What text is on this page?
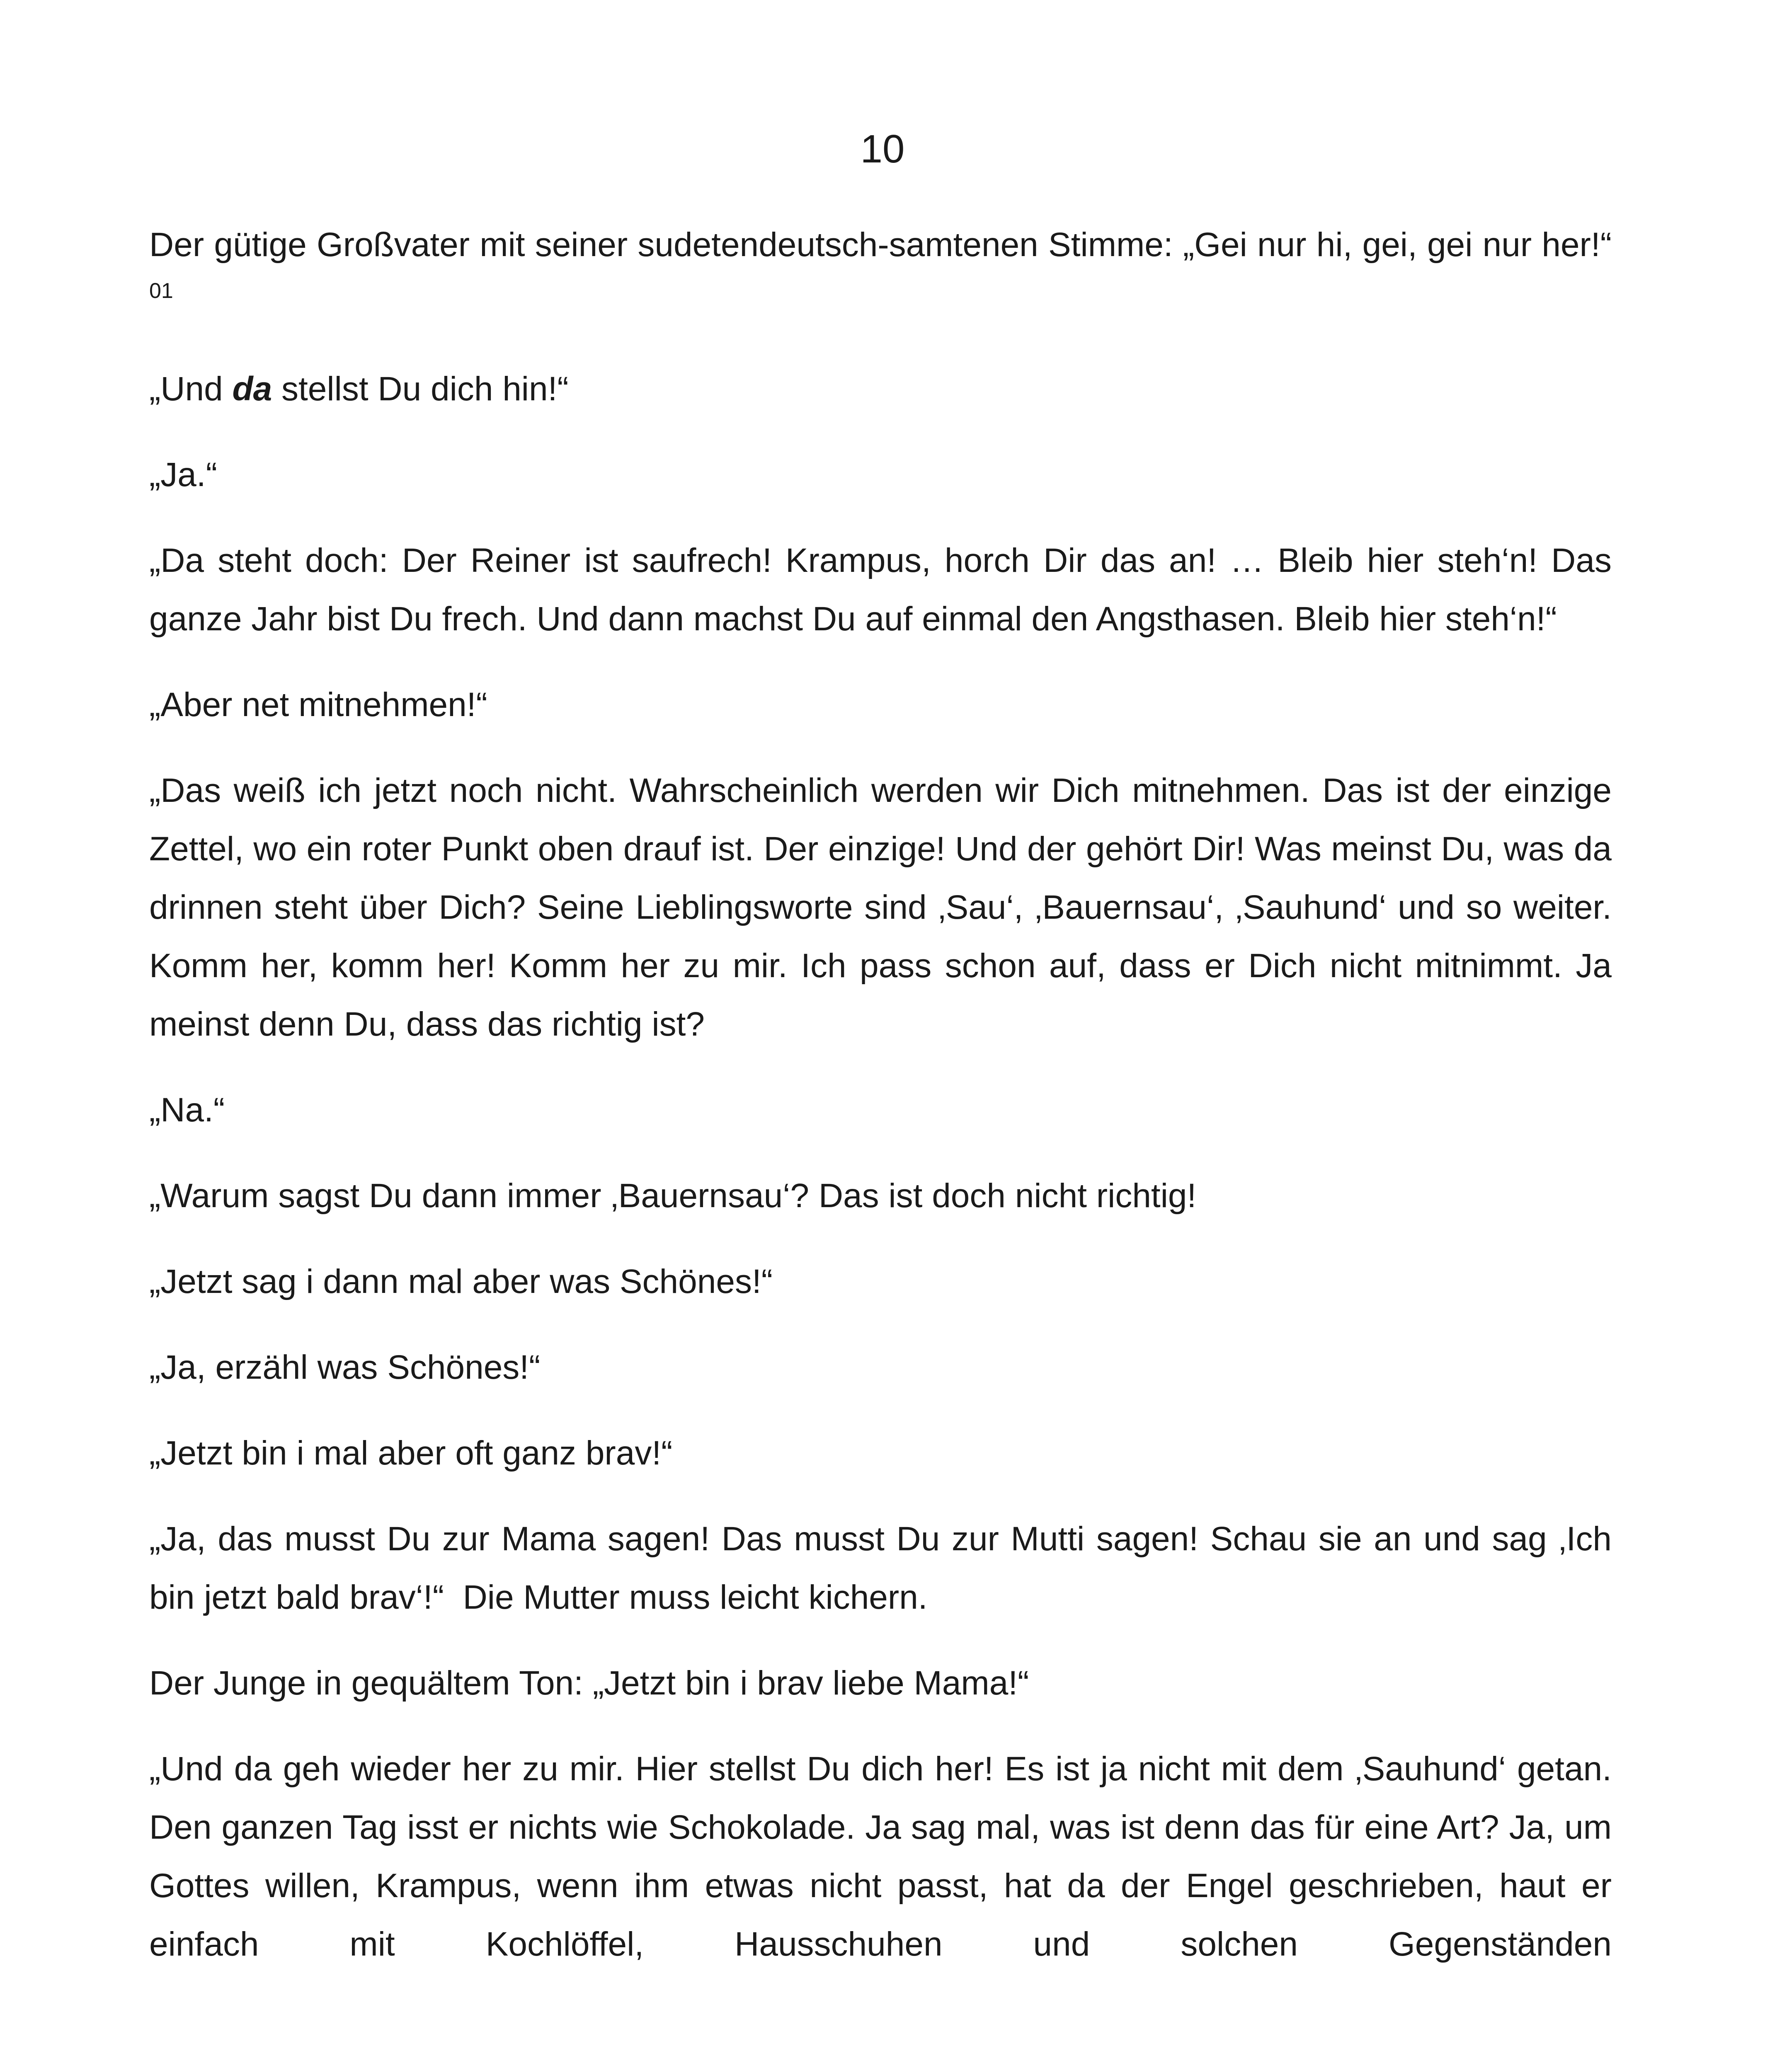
10

Der gütige Großvater mit seiner sudetendeutsch-samtenen Stimme: „Gei nur hi, gei, gei nur her!“ $^{01}$

„Und da stellst Du dich hin!“

„Ja.“

„Da steht doch: Der Reiner ist saufrech! Krampus, horch Dir das an! … Bleib hier steh‘n! Das ganze Jahr bist Du frech. Und dann machst Du auf einmal den Angsthasen. Bleib hier steh‘n!“

„Aber net mitnehmen!“

„Das weiß ich jetzt noch nicht. Wahrscheinlich werden wir Dich mitnehmen. Das ist der einzige Zettel, wo ein roter Punkt oben drauf ist. Der einzige! Und der gehört Dir! Was meinst Du, was da drinnen steht über Dich? Seine Lieblingsworte sind ‚Sau‘, ‚Bauernsau‘, ‚Sauhund‘ und so weiter. Komm her, komm her! Komm her zu mir. Ich pass schon auf, dass er Dich nicht mitnimmt. Ja meinst denn Du, dass das richtig ist?

„Na.“

„Warum sagst Du dann immer ‚Bauernsau‘? Das ist doch nicht richtig!

„Jetzt sag i dann mal aber was Schönes!“

„Ja, erzähl was Schönes!“

„Jetzt bin i mal aber oft ganz brav!“

„Ja, das musst Du zur Mama sagen! Das musst Du zur Mutti sagen! Schau sie an und sag ‚Ich bin jetzt bald brav‘!“  Die Mutter muss leicht kichern.

Der Junge in gequältem Ton: „Jetzt bin i brav liebe Mama!“

„Und da geh wieder her zu mir. Hier stellst Du dich her! Es ist ja nicht mit dem ‚Sauhund‘ getan. Den ganzen Tag isst er nichts wie Schokolade. Ja sag mal, was ist denn das für eine Art? Ja, um Gottes willen, Krampus, wenn ihm etwas nicht passt, hat da der Engel geschrieben, haut er einfach mit Kochlöffel, Hausschuhen und solchen Gegenständen
